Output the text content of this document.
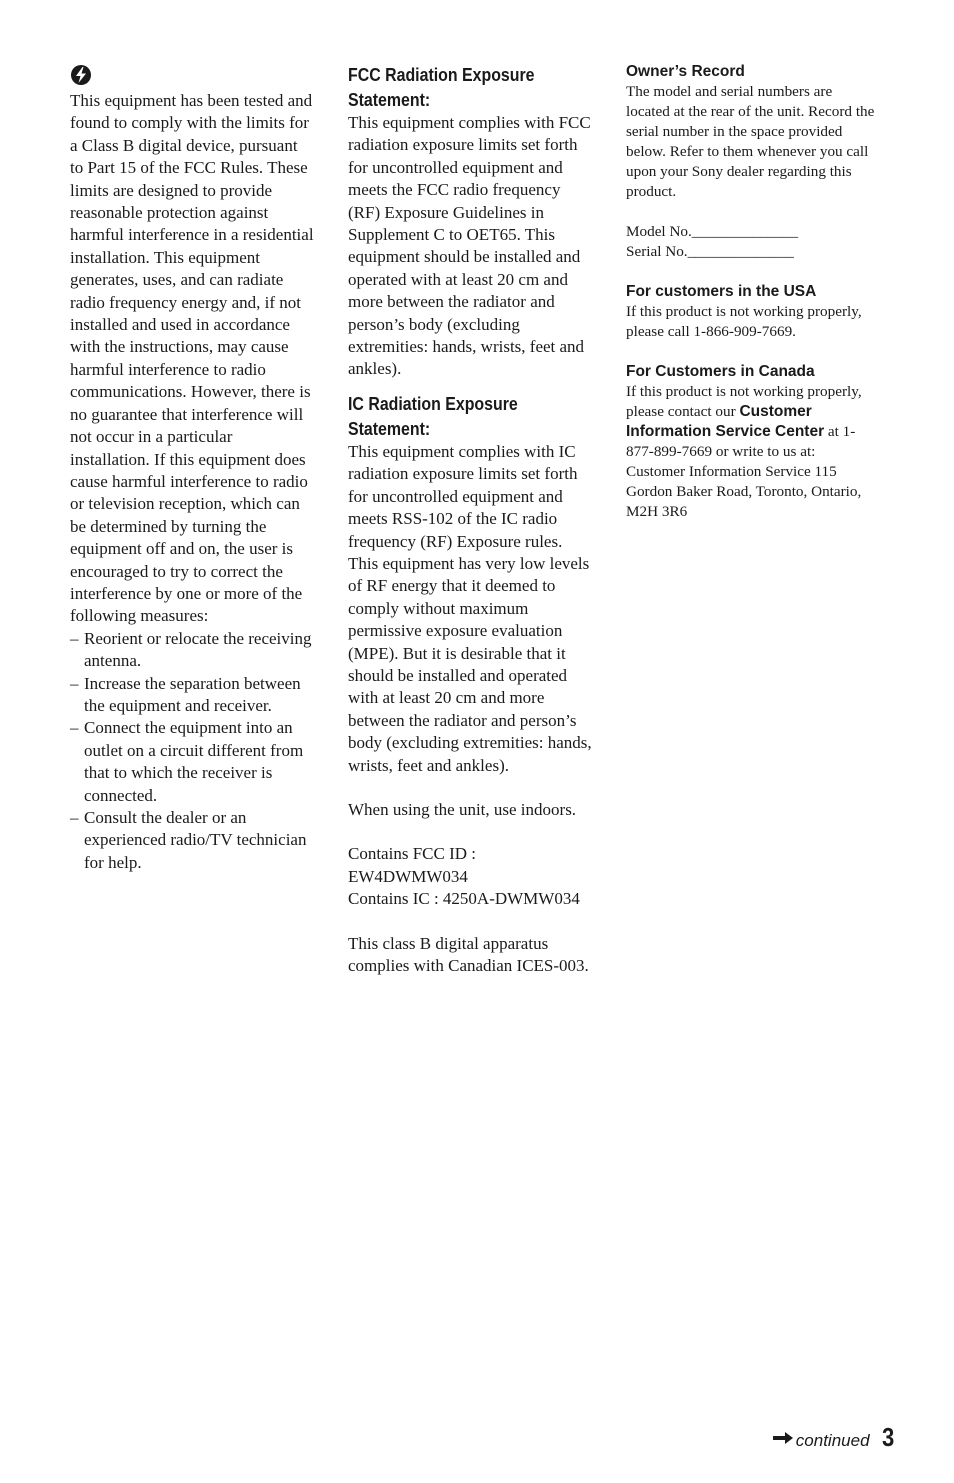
This equipment has been tested and found to comply with the limits for a Class B digital device, pursuant to Part 15 of the FCC Rules. These limits are designed to provide reasonable protection against harmful interference in a residential installation. This equipment generates, uses, and can radiate radio frequency energy and, if not installed and used in accordance with the instructions, may cause harmful interference to radio communications. However, there is no guarantee that interference will not occur in a particular installation. If this equipment does cause harmful interference to radio or television reception, which can be determined by turning the equipment off and on, the user is encouraged to try to correct the interference by one or more of the following measures:

– Reorient or relocate the receiving antenna.
– Increase the separation between the equipment and receiver.
– Connect the equipment into an outlet on a circuit different from that to which the receiver is connected.
– Consult the dealer or an experienced radio/TV technician for help.
FCC Radiation Exposure Statement:

This equipment complies with FCC radiation exposure limits set forth for uncontrolled equipment and meets the FCC radio frequency (RF) Exposure Guidelines in Supplement C to OET65. This equipment should be installed and operated with at least 20 cm and more between the radiator and person’s body (excluding extremities: hands, wrists, feet and ankles).

IC Radiation Exposure Statement:

This equipment complies with IC radiation exposure limits set forth for uncontrolled equipment and meets RSS-102 of the IC radio frequency (RF) Exposure rules. This equipment has very low levels of RF energy that it deemed to comply without maximum permissive exposure evaluation (MPE). But it is desirable that it should be installed and operated with at least 20 cm and more between the radiator and person’s body (excluding extremities: hands, wrists, feet and ankles).

When using the unit, use indoors.

Contains FCC ID : EW4DWMW034

Contains IC : 4250A-DWMW034

This class B digital apparatus complies with Canadian ICES-003.

Owner’s Record

The model and serial numbers are located at the rear of the unit. Record the serial number in the space provided below. Refer to them whenever you call upon your Sony dealer regarding this product.

Model No.______________

Serial No.______________

For customers in the USA

If this product is not working properly, please call 1-866-909-7669.

For Customers in Canada

If this product is not working properly, please contact our Customer Information Service Center at 1-877-899-7669 or write to us at: Customer Information Service 115 Gordon Baker Road, Toronto, Ontario, M2H 3R6

continued 3
